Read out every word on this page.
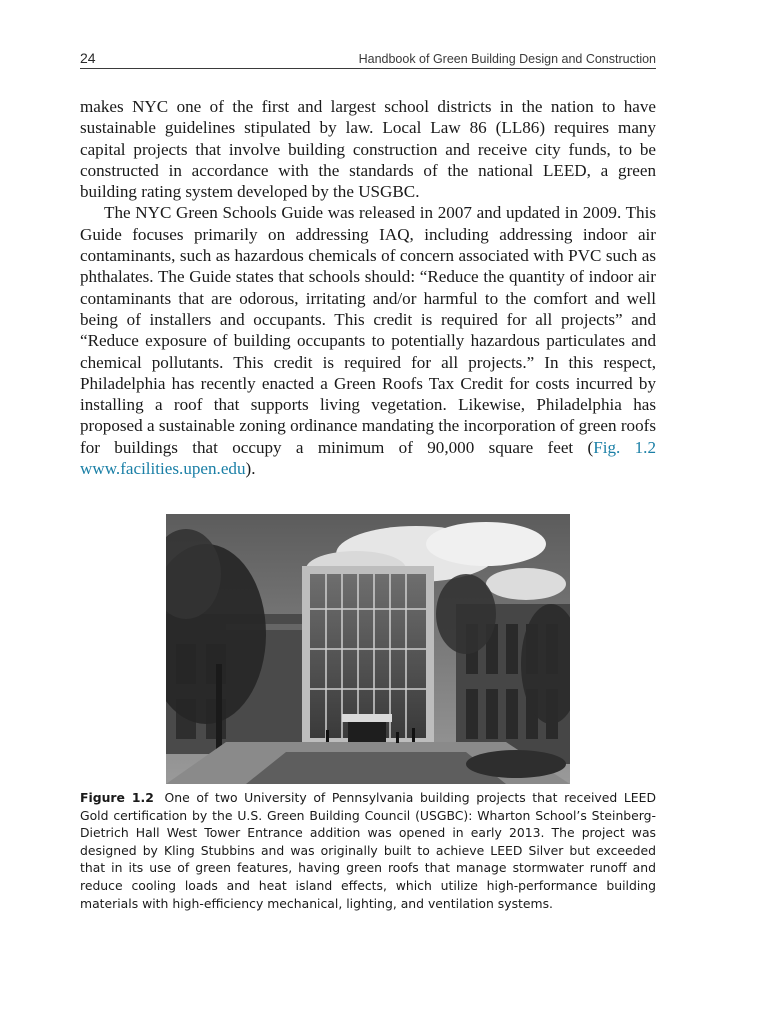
24	Handbook of Green Building Design and Construction

makes NYC one of the first and largest school districts in the nation to have sustainable guidelines stipulated by law. Local Law 86 (LL86) requires many capital projects that involve building construction and receive city funds, to be constructed in accordance with the standards of the national LEED, a green building rating system developed by the USGBC.

The NYC Green Schools Guide was released in 2007 and updated in 2009. This Guide focuses primarily on addressing IAQ, including addressing indoor air contaminants, such as hazardous chemicals of concern associated with PVC such as phthalates. The Guide states that schools should: “Reduce the quantity of indoor air contaminants that are odorous, irritating and/or harmful to the comfort and well being of installers and occupants. This credit is required for all projects” and “Reduce exposure of building occupants to potentially hazardous particulates and chemical pollutants. This credit is required for all projects.” In this respect, Philadelphia has recently enacted a Green Roofs Tax Credit for costs incurred by installing a roof that supports living vegetation. Likewise, Philadelphia has proposed a sustainable zoning ordinance mandating the incorporation of green roofs for buildings that occupy a minimum of 90,000 square feet (Fig. 1.2 www.facilities.upen.edu).

Figure 1.2 One of two University of Pennsylvania building projects that received LEED Gold certification by the U.S. Green Building Council (USGBC): Wharton School’s Steinberg-Dietrich Hall West Tower Entrance addition was opened in early 2013. The project was designed by Kling Stubbins and was originally built to achieve LEED Silver but exceeded that in its use of green features, having green roofs that manage stormwater runoff and reduce cooling loads and heat island effects, which utilize high-performance building materials with high-efficiency mechanical, lighting, and ventilation systems.
